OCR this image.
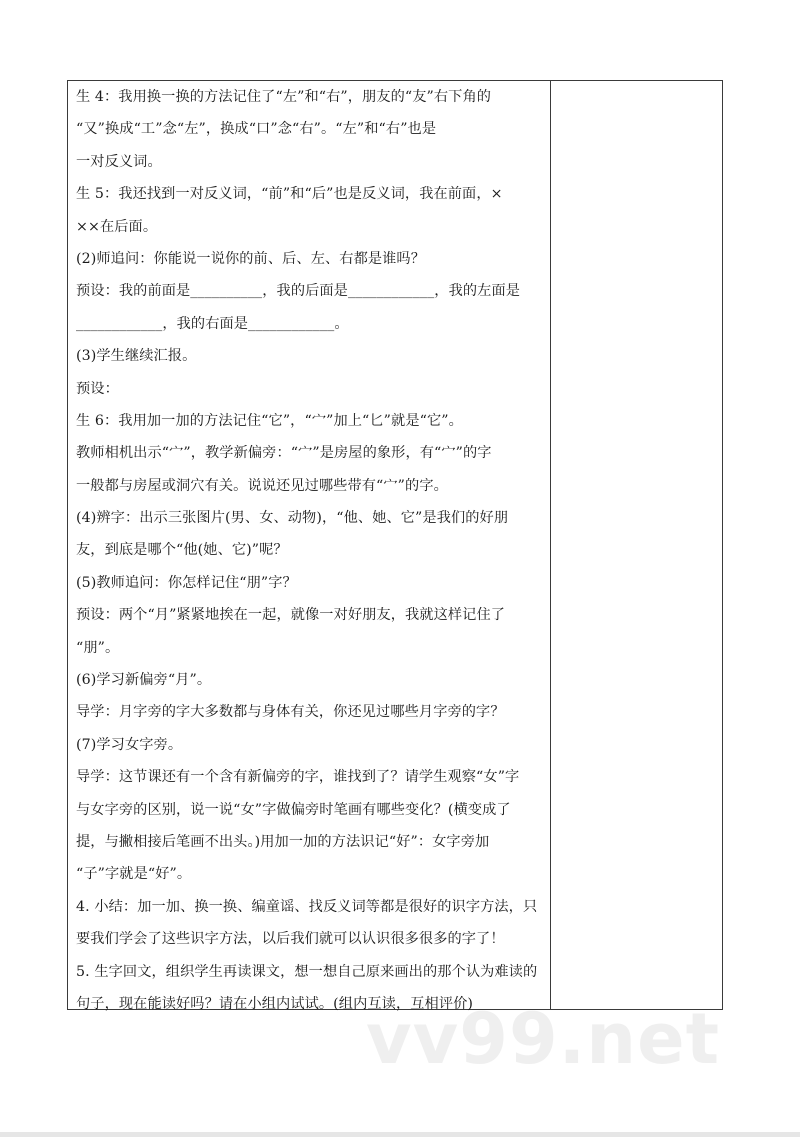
生 4：我用换一换的方法记住了“左”和“右”，朋友的“友”右下角的
“又”换成“工”念“左”，换成“口”念“右”。“左”和“右”也是
一对反义词。
生 5：我还找到一对反义词，“前”和“后”也是反义词，我在前面，×
××在后面。
(2)师追问：你能说一说你的前、后、左、右都是谁吗？
预设：我的前面是__________，我的后面是____________，我的左面是
____________，我的右面是____________。
(3)学生继续汇报。
预设：
生 6：我用加一加的方法记住“它”，“宀”加上“匕”就是“它”。
教师相机出示“宀”，教学新偏旁：“宀”是房屋的象形，有“宀”的字
一般都与房屋或洞穴有关。说说还见过哪些带有“宀”的字。
(4)辨字：出示三张图片(男、女、动物)，“他、她、它”是我们的好朋
友，到底是哪个“他(她、它)”呢？
(5)教师追问：你怎样记住“朋”字？
预设：两个“月”紧紧地挨在一起，就像一对好朋友，我就这样记住了
“朋”。
(6)学习新偏旁“月”。
导学：月字旁的字大多数都与身体有关，你还见过哪些月字旁的字？
(7)学习女字旁。
导学：这节课还有一个含有新偏旁的字，谁找到了？请学生观察“女”字
与女字旁的区别，说一说“女”字做偏旁时笔画有哪些变化？(横变成了
提，与撇相接后笔画不出头。)用加一加的方法识记“好”：女字旁加
“子”字就是“好”。
4. 小结：加一加、换一换、编童谣、找反义词等都是很好的识字方法，只
要我们学会了这些识字方法，以后我们就可以认识很多很多的字了！
5. 生字回文，组织学生再读课文，想一想自己原来画出的那个认为难读的
句子，现在能读好吗？请在小组内试试。(组内互读，互相评价)
vv99.net
